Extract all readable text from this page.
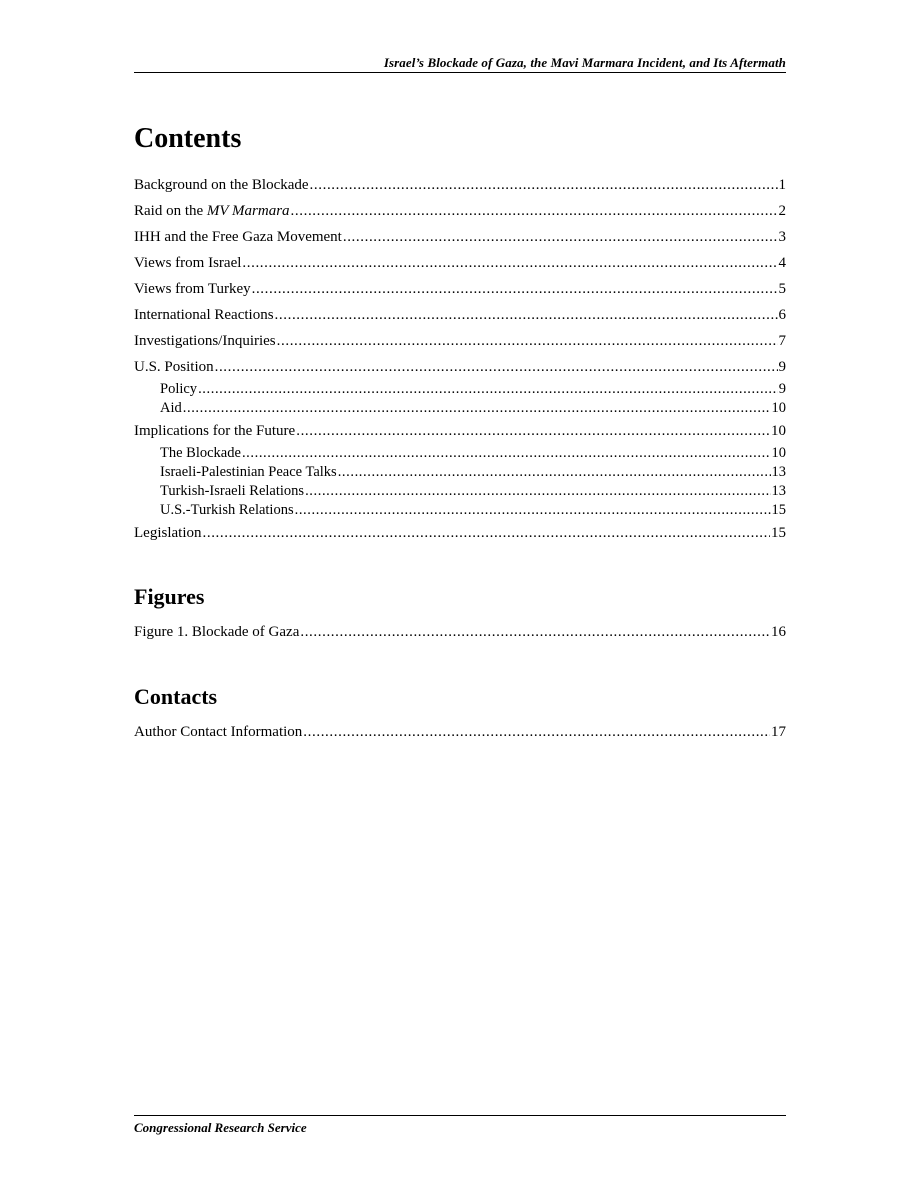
Israel’s Blockade of Gaza, the Mavi Marmara Incident, and Its Aftermath
Contents
Background on the Blockade .....	1
Raid on the MV Marmara .....	2
IHH and the Free Gaza Movement .....	3
Views from Israel .....	4
Views from Turkey .....	5
International Reactions .....	6
Investigations/Inquiries .....	7
U.S. Position .....	9
Policy .....	9
Aid .....	10
Implications for the Future .....	10
The Blockade .....	10
Israeli-Palestinian Peace Talks .....	13
Turkish-Israeli Relations .....	13
U.S.-Turkish Relations .....	15
Legislation .....	15
Figures
Figure 1. Blockade of Gaza .....	16
Contacts
Author Contact Information .....	17
Congressional Research Service
